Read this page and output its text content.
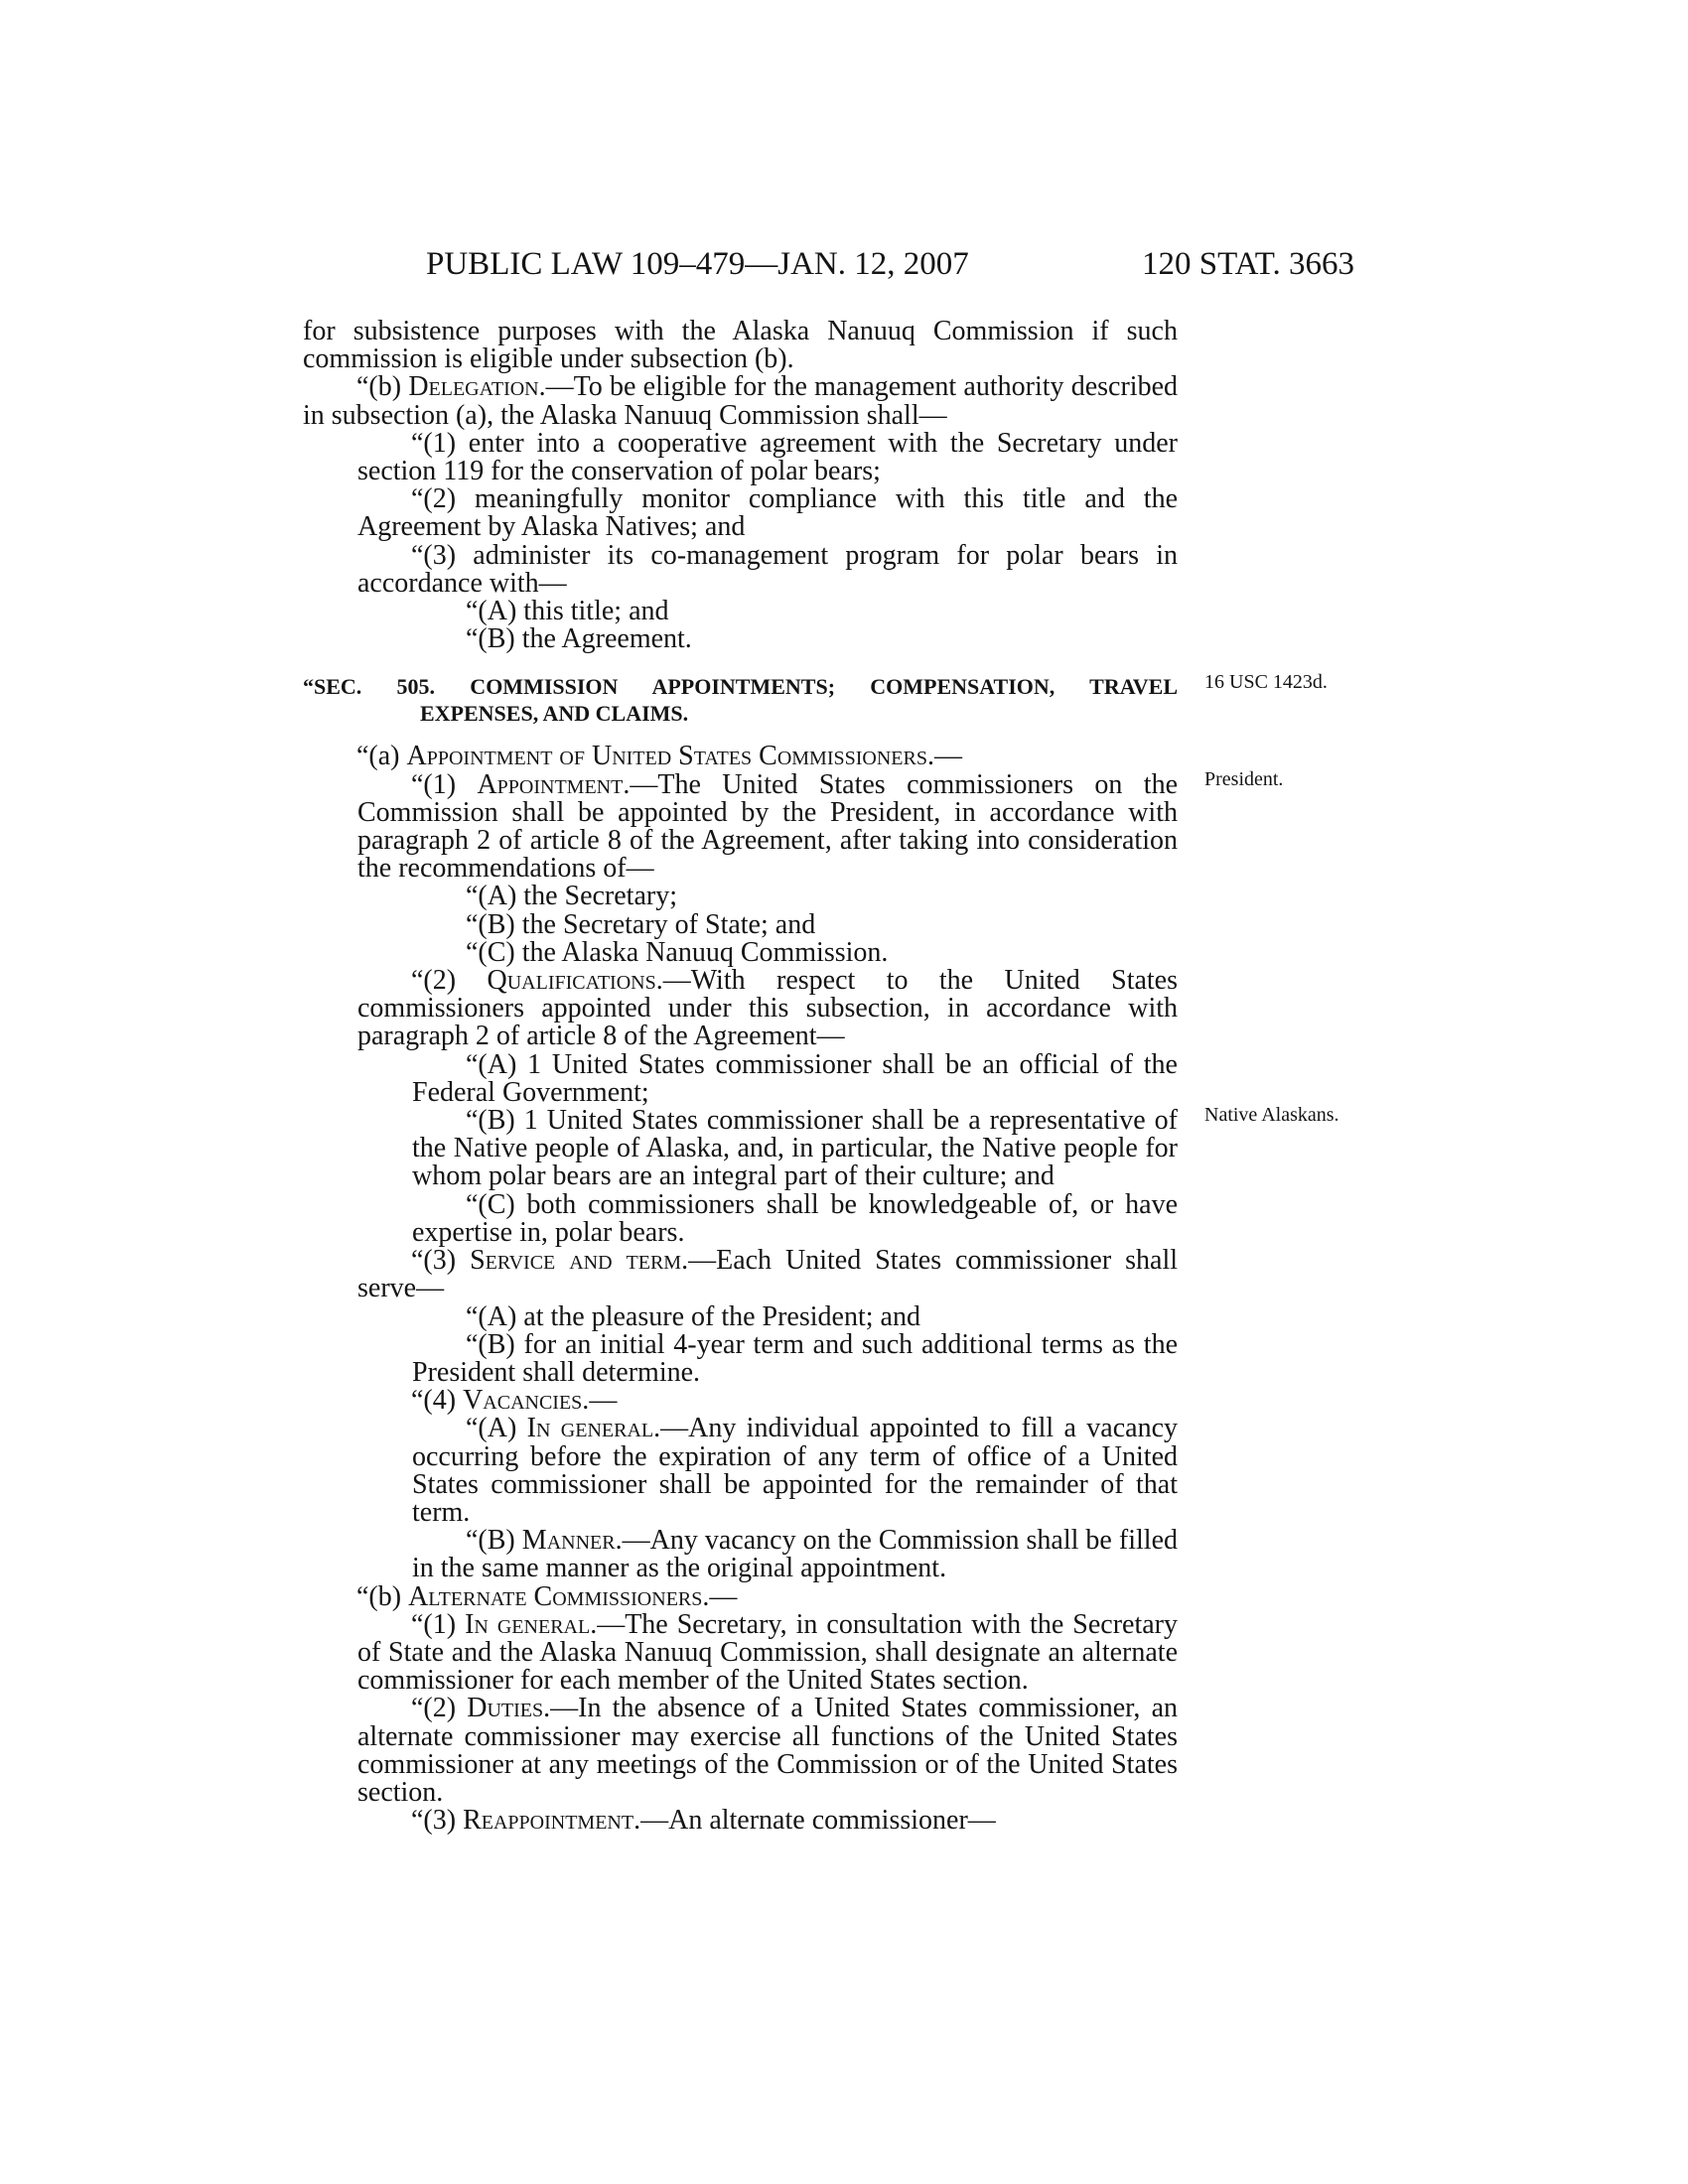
PUBLIC LAW 109–479—JAN. 12, 2007	120 STAT. 3663

for subsistence purposes with the Alaska Nanuuq Commission if such commission is eligible under subsection (b).

“(b) Delegation.—To be eligible for the management authority described in subsection (a), the Alaska Nanuuq Commission shall—

“(1) enter into a cooperative agreement with the Secretary under section 119 for the conservation of polar bears;

“(2) meaningfully monitor compliance with this title and the Agreement by Alaska Natives; and

“(3) administer its co-management program for polar bears in accordance with—

“(A) this title; and

“(B) the Agreement.

“SEC. 505. COMMISSION APPOINTMENTS; COMPENSATION, TRAVEL
EXPENSES, AND CLAIMS.

“(a) Appointment of United States Commissioners.—

“(1) Appointment.—The United States commissioners on the Commission shall be appointed by the President, in accordance with paragraph 2 of article 8 of the Agreement, after taking into consideration the recommendations of—

“(A) the Secretary;

“(B) the Secretary of State; and

“(C) the Alaska Nanuuq Commission.

“(2) Qualifications.—With respect to the United States commissioners appointed under this subsection, in accordance with paragraph 2 of article 8 of the Agreement—

“(A) 1 United States commissioner shall be an official of the Federal Government;

“(B) 1 United States commissioner shall be a representative of the Native people of Alaska, and, in particular, the Native people for whom polar bears are an integral part of their culture; and

“(C) both commissioners shall be knowledgeable of, or have expertise in, polar bears.

“(3) Service and term.—Each United States commissioner shall serve—

“(A) at the pleasure of the President; and

“(B) for an initial 4-year term and such additional terms as the President shall determine.

“(4) Vacancies.—

“(A) In general.—Any individual appointed to fill a vacancy occurring before the expiration of any term of office of a United States commissioner shall be appointed for the remainder of that term.

“(B) Manner.—Any vacancy on the Commission shall be filled in the same manner as the original appointment.

“(b) Alternate Commissioners.—

“(1) In general.—The Secretary, in consultation with the Secretary of State and the Alaska Nanuuq Commission, shall designate an alternate commissioner for each member of the United States section.

“(2) Duties.—In the absence of a United States commissioner, an alternate commissioner may exercise all functions of the United States commissioner at any meetings of the Commission or of the United States section.

“(3) Reappointment.—An alternate commissioner—

16 USC 1423d.
President.
Native Alaskans.
